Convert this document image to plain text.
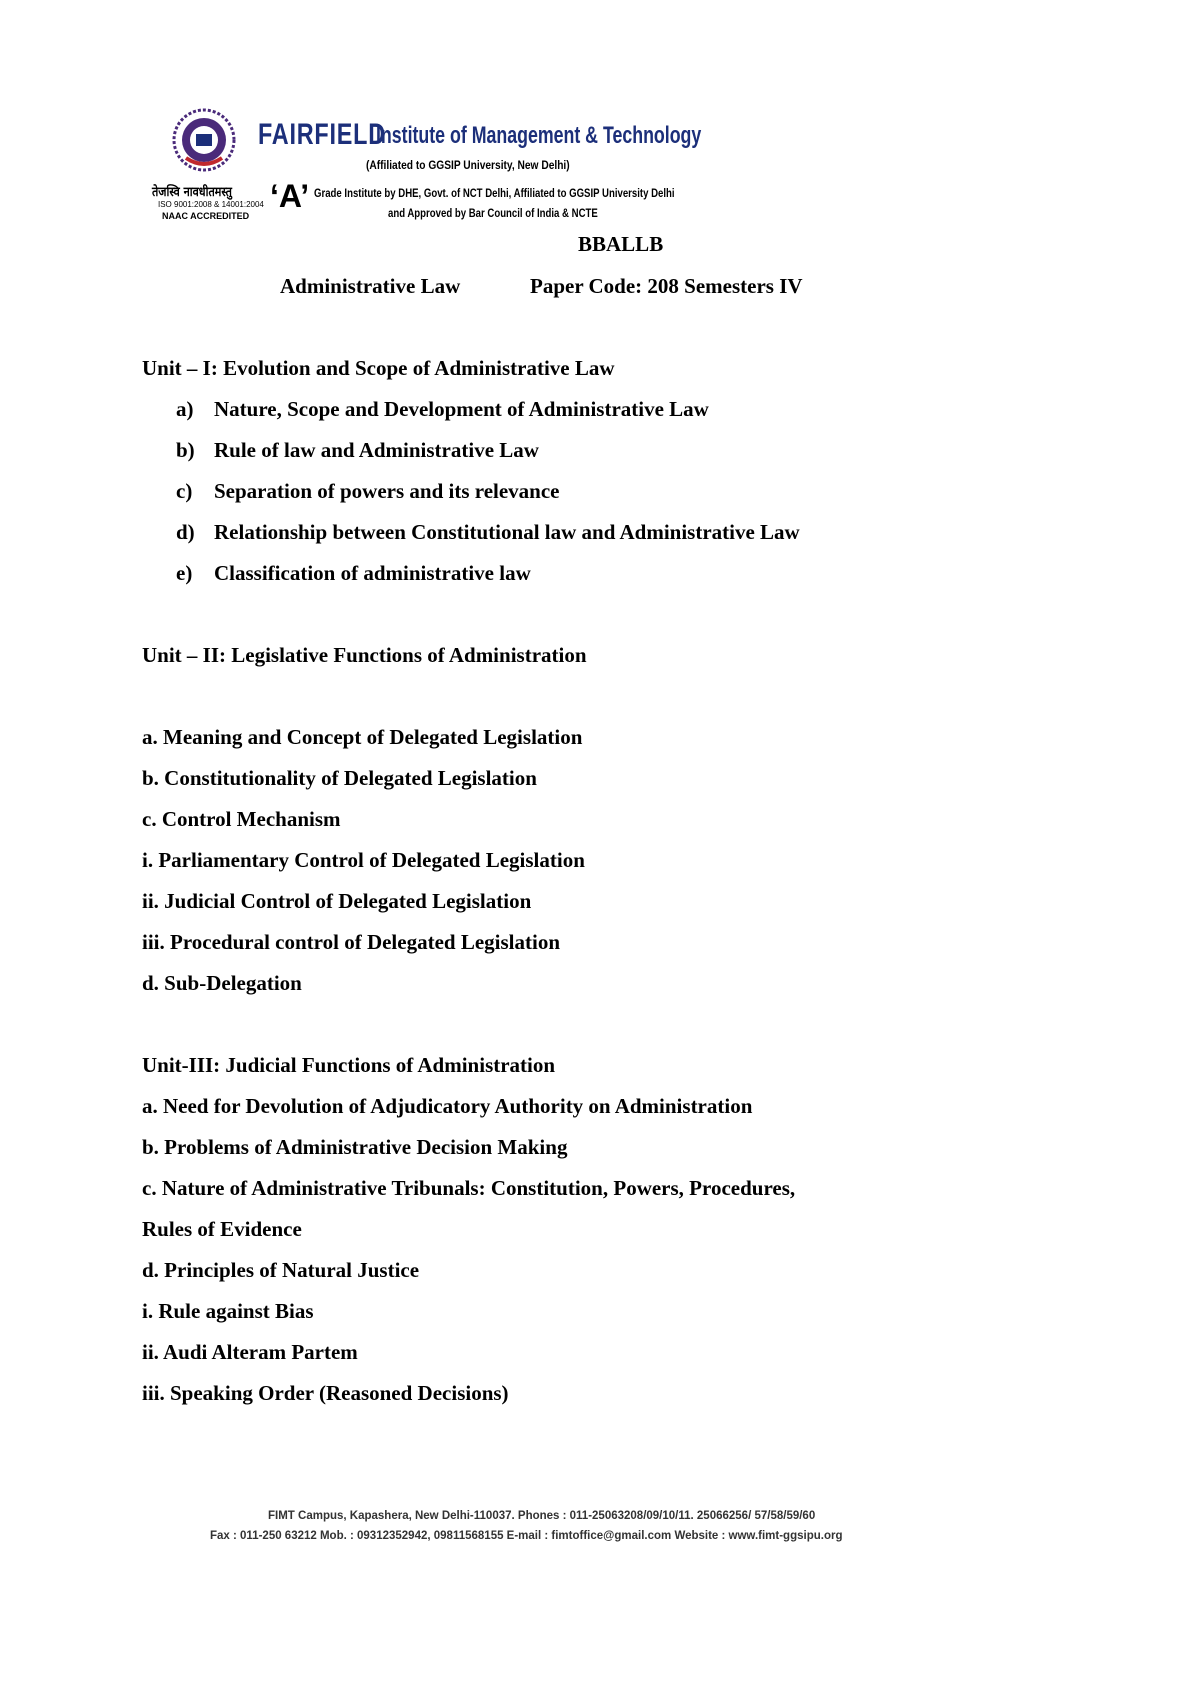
FAIRFIELD
Institute of Management & Technology
(Affiliated to GGSIP University, New Delhi)
तेजस्वि नावधीतमस्तु
ISO 9001:2008 & 14001:2004
NAAC ACCREDITED
‘A’ Grade Institute by DHE, Govt. of NCT Delhi, Affiliated to GGSIP University Delhi
and Approved by Bar Council of India & NCTE
BBALLB
Administrative Law	Paper Code: 208 Semesters IV
Unit – I: Evolution and Scope of Administrative Law
a) Nature, Scope and Development of Administrative Law
b) Rule of law and Administrative Law
c) Separation of powers and its relevance
d) Relationship between Constitutional law and Administrative Law
e) Classification of administrative law
Unit – II: Legislative Functions of Administration
a. Meaning and Concept of Delegated Legislation
b. Constitutionality of Delegated Legislation
c. Control Mechanism
i. Parliamentary Control of Delegated Legislation
ii. Judicial Control of Delegated Legislation
iii. Procedural control of Delegated Legislation
d. Sub-Delegation
Unit-III: Judicial Functions of Administration
a. Need for Devolution of Adjudicatory Authority on Administration
b. Problems of Administrative Decision Making
c. Nature of Administrative Tribunals: Constitution, Powers, Procedures,
Rules of Evidence
d. Principles of Natural Justice
i. Rule against Bias
ii. Audi Alteram Partem
iii. Speaking Order (Reasoned Decisions)
FIMT Campus, Kapashera, New Delhi-110037. Phones : 011-25063208/09/10/11. 25066256/ 57/58/59/60
Fax : 011-250 63212 Mob. : 09312352942, 09811568155 E-mail : fimtoffice@gmail.com Website : www.fimt-ggsipu.org
